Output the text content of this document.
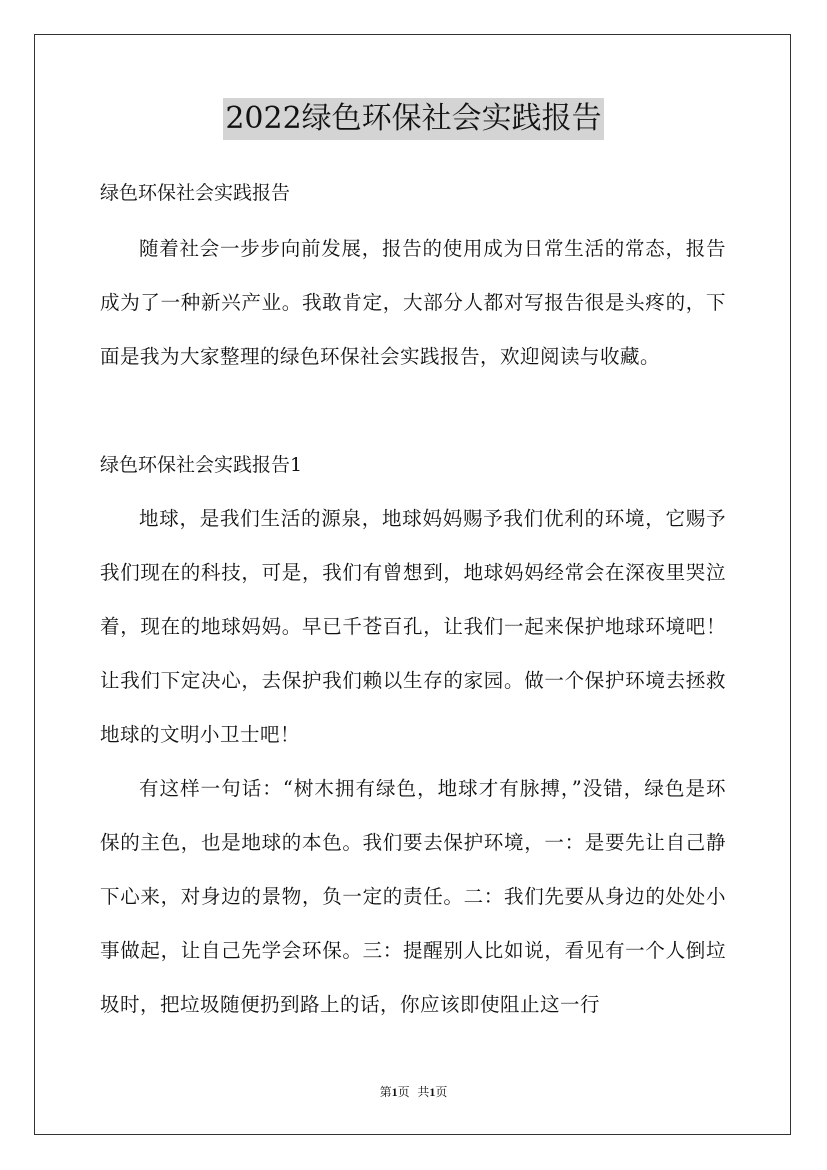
2022绿色环保社会实践报告
绿色环保社会实践报告

随着社会一步步向前发展，报告的使用成为日常生活的常态，报告成为了一种新兴产业。我敢肯定，大部分人都对写报告很是头疼的，下面是我为大家整理的绿色环保社会实践报告，欢迎阅读与收藏。

绿色环保社会实践报告1

地球，是我们生活的源泉，地球妈妈赐予我们优利的环境，它赐予我们现在的科技，可是，我们有曾想到，地球妈妈经常会在深夜里哭泣着，现在的地球妈妈。早已千苍百孔，让我们一起来保护地球环境吧！让我们下定决心，去保护我们赖以生存的家园。做一个保护环境去拯救地球的文明小卫士吧！

有这样一句话：“树木拥有绿色，地球才有脉搏，”没错，绿色是环保的主色，也是地球的本色。我们要去保护环境，一：是要先让自己静下心来，对身边的景物，负一定的责任。二：我们先要从身边的处处小事做起，让自己先学会环保。三：提醒别人比如说，看见有一个人倒垃圾时，把垃圾随便扔到路上的话，你应该即使阻止这一行

第1页 共1页
